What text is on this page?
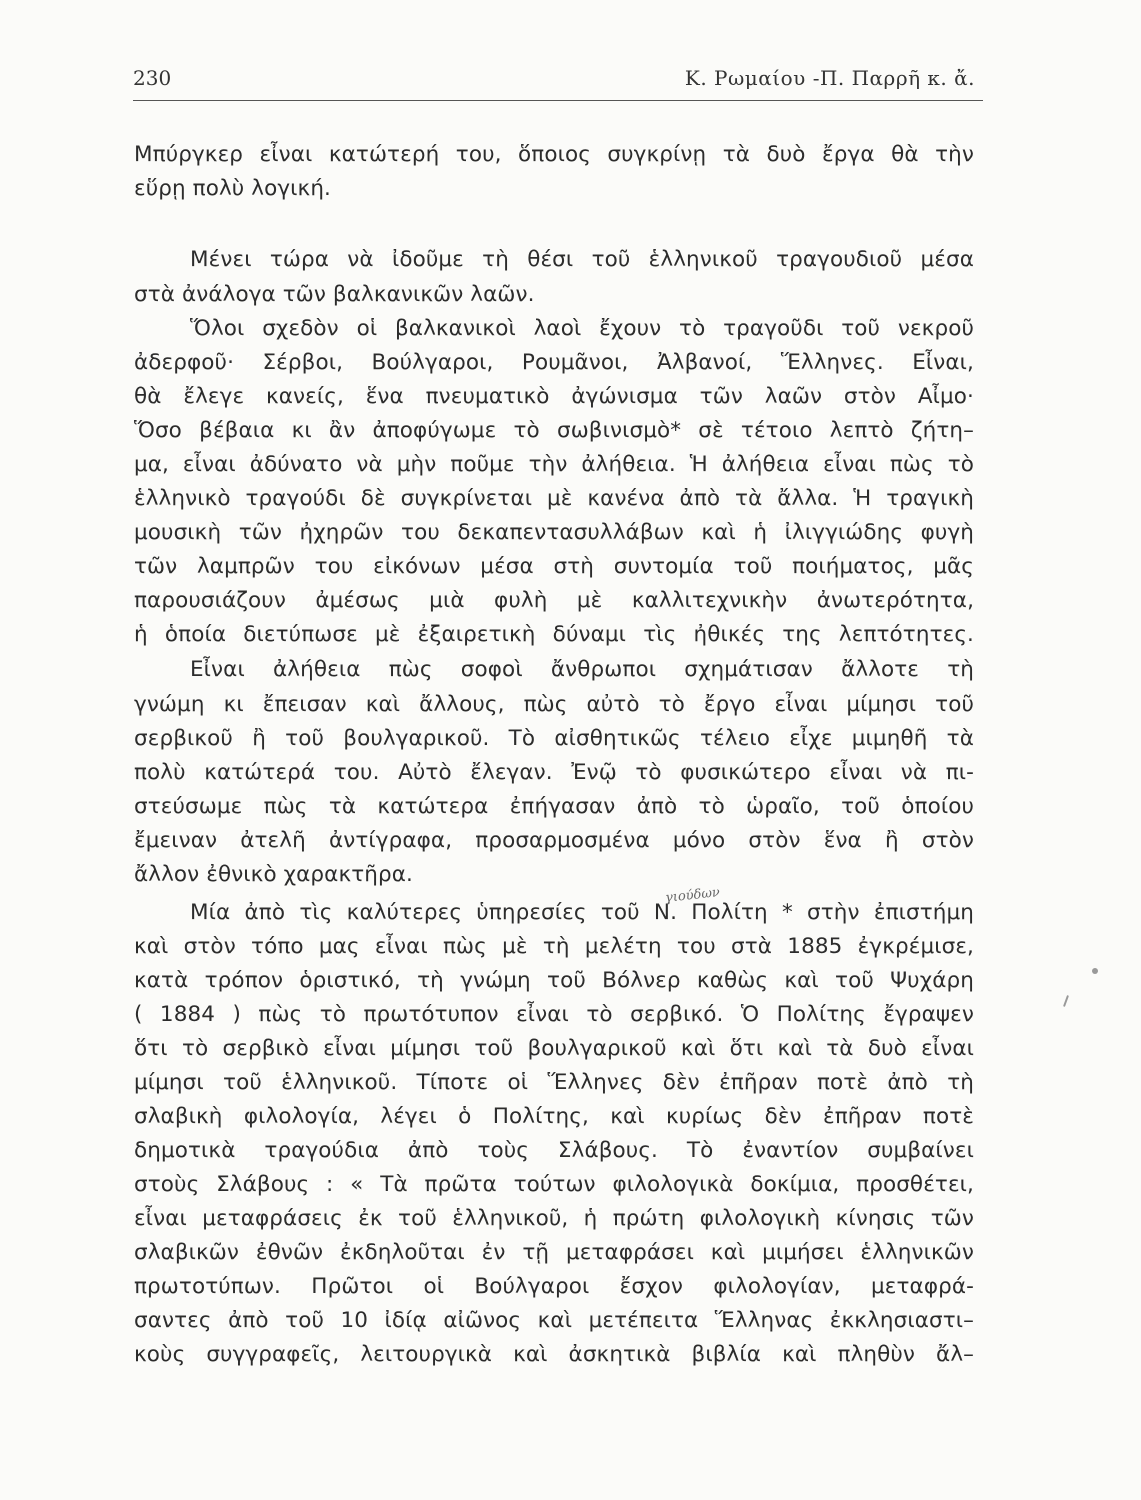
230	Κ. Ρωμαίου -Π. Παρρῆ κ. ἄ.
γιούδων
Μπύργκερ εἶναι κατώτερή του, ὅποιος συγκρίνῃ τὰ δυὸ ἔργα θὰ τὴν
εὕρῃ πολὺ λογική.
Μένει τώρα νὰ ἰδοῦμε τὴ θέσι τοῦ ἑλληνικοῦ τραγουδιοῦ μέσα
στὰ ἀνάλογα τῶν βαλκανικῶν λαῶν.
Ὅλοι σχεδὸν οἱ βαλκανικοὶ λαοὶ ἔχουν τὸ τραγοῦδι τοῦ νεκροῦ
ἀδερφοῦ· Σέρβοι, Βούλγαροι, Ρουμᾶνοι, Ἀλβανοί, Ἕλληνες. Εἶναι,
θὰ ἔλεγε κανείς, ἕνα πνευματικὸ ἀγώνισμα τῶν λαῶν στὸν Αἶμο·
Ὅσο βέβαια κι ἂν ἀποφύγωμε τὸ σωβινισμὸ* σὲ τέτοιο λεπτὸ ζήτη–
μα, εἶναι ἀδύνατο νὰ μὴν ποῦμε τὴν ἀλήθεια. Ἡ ἀλήθεια εἶναι πὼς τὸ
ἑλληνικὸ τραγούδι δὲ συγκρίνεται μὲ κανένα ἀπὸ τὰ ἄλλα. Ἡ τραγικὴ
μουσικὴ τῶν ἠχηρῶν του δεκαπεντασυλλάβων καὶ ἡ ἰλιγγιώδης φυγὴ
τῶν λαμπρῶν του εἰκόνων μέσα στὴ συντομία τοῦ ποιήματος, μᾶς
παρουσιάζουν ἀμέσως μιὰ φυλὴ μὲ καλλιτεχνικὴν ἀνωτερότητα,
ἡ ὁποία διετύπωσε μὲ ἐξαιρετικὴ δύναμι τὶς ἠθικές της λεπτότητες.
Εἶναι ἀλήθεια πὼς σοφοὶ ἄνθρωποι σχημάτισαν ἄλλοτε τὴ
γνώμη κι ἔπεισαν καὶ ἄλλους, πὼς αὐτὸ τὸ ἔργο εἶναι μίμησι τοῦ
σερβικοῦ ἢ τοῦ βουλγαρικοῦ. Τὸ αἰσθητικῶς τέλειο εἶχε μιμηθῆ τὰ
πολὺ κατώτερά του. Αὐτὸ ἔλεγαν. Ἐνῷ τὸ φυσικώτερο εἶναι νὰ πι-
στεύσωμε πὼς τὰ κατώτερα ἐπήγασαν ἀπὸ τὸ ὡραῖο, τοῦ ὁποίου
ἔμειναν ἀτελῆ ἀντίγραφα, προσαρμοσμένα μόνο στὸν ἕνα ἢ στὸν
ἄλλον ἐθνικὸ χαρακτῆρα.
Μία ἀπὸ τὶς καλύτερες ὑπηρεσίες τοῦ Ν. Πολίτη * στὴν ἐπιστήμη
καὶ στὸν τόπο μας εἶναι πὼς μὲ τὴ μελέτη του στὰ 1885 ἐγκρέμισε,
κατὰ τρόπον ὁριστικό, τὴ γνώμη τοῦ Βόλνερ καθὼς καὶ τοῦ Ψυχάρη
( 1884 ) πὼς τὸ πρωτότυπον εἶναι τὸ σερβικό. Ὁ Πολίτης ἔγραψεν
ὅτι τὸ σερβικὸ εἶναι μίμησι τοῦ βουλγαρικοῦ καὶ ὅτι καὶ τὰ δυὸ εἶναι
μίμησι τοῦ ἑλληνικοῦ. Τίποτε οἱ Ἕλληνες δὲν ἐπῆραν ποτὲ ἀπὸ τὴ
σλαβικὴ φιλολογία, λέγει ὁ Πολίτης, καὶ κυρίως δὲν ἐπῆραν ποτὲ
δημοτικὰ τραγούδια ἀπὸ τοὺς Σλάβους. Τὸ ἐναντίον συμβαίνει
στοὺς Σλάβους : « Τὰ πρῶτα τούτων φιλολογικὰ δοκίμια, προσθέτει,
εἶναι μεταφράσεις ἐκ τοῦ ἑλληνικοῦ, ἡ πρώτη φιλολογικὴ κίνησις τῶν
σλαβικῶν ἐθνῶν ἐκδηλοῦται ἐν τῇ μεταφράσει καὶ μιμήσει ἑλληνικῶν
πρωτοτύπων. Πρῶτοι οἱ Βούλγαροι ἔσχον φιλολογίαν, μεταφρά-
σαντες ἀπὸ τοῦ 10 ἰδίᾳ αἰῶνος καὶ μετέπειτα Ἕλληνας ἐκκλησιαστι–
κοὺς συγγραφεῖς, λειτουργικὰ καὶ ἀσκητικὰ βιβλία καὶ πληθὺν ἄλ–
